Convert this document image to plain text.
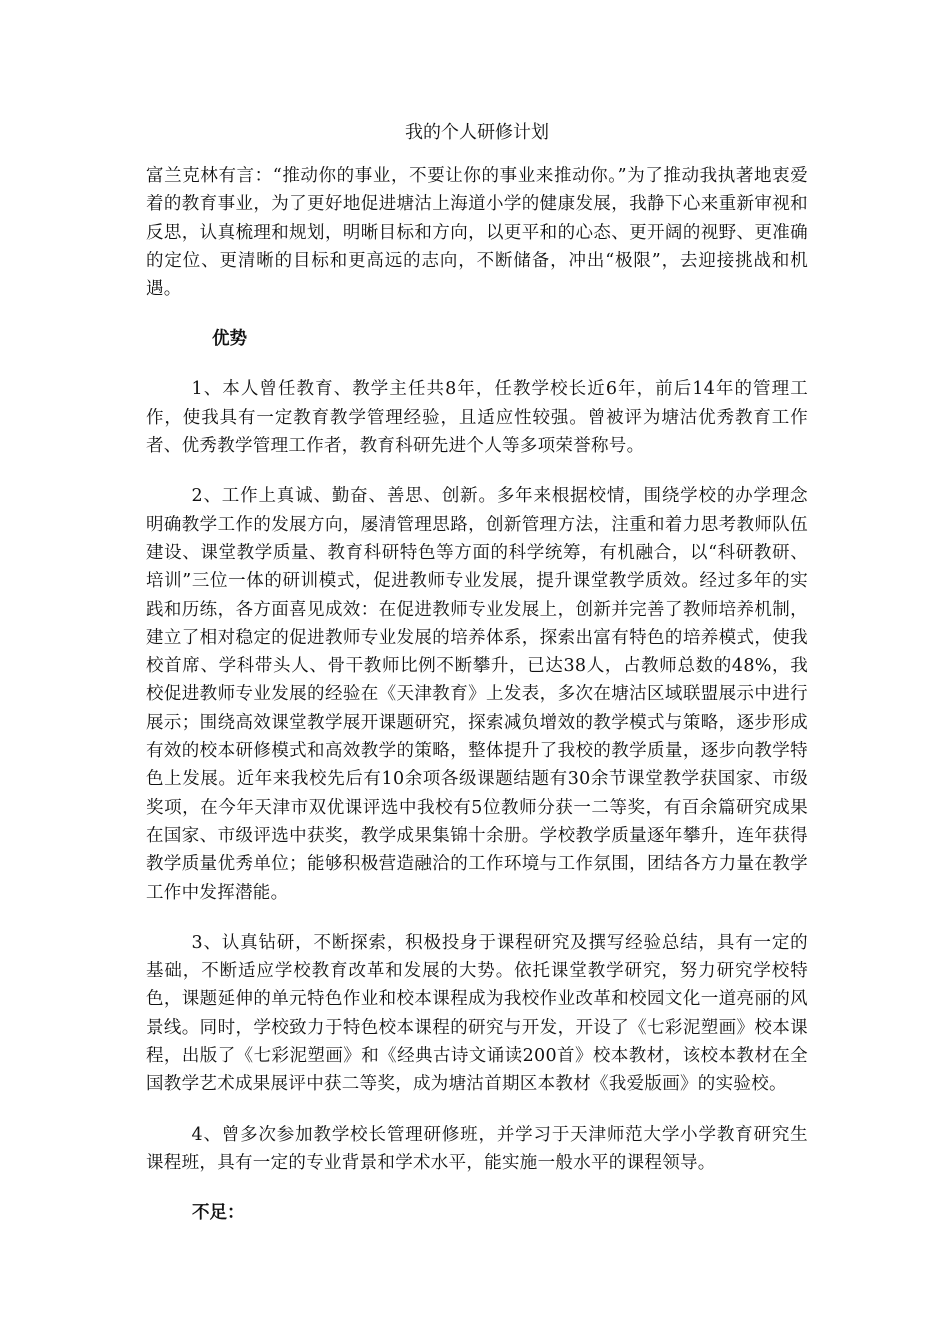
我的个人研修计划

富兰克林有言：“推动你的事业，不要让你的事业来推动你。”为了推动我执著地衷爱着的教育事业，为了更好地促进塘沽上海道小学的健康发展，我静下心来重新审视和反思，认真梳理和规划，明晰目标和方向，以更平和的心态、更开阔的视野、更准确的定位、更清晰的目标和更高远的志向，不断储备，冲出“极限”，去迎接挑战和机遇。

优势

1、本人曾任教育、教学主任共8年，任教学校长近6年，前后14年的管理工作，使我具有一定教育教学管理经验，且适应性较强。曾被评为塘沽优秀教育工作者、优秀教学管理工作者，教育科研先进个人等多项荣誉称号。

2、工作上真诚、勤奋、善思、创新。多年来根据校情，围绕学校的办学理念明确教学工作的发展方向，屡清管理思路，创新管理方法，注重和着力思考教师队伍建设、课堂教学质量、教育科研特色等方面的科学统筹，有机融合，以“科研教研、培训”三位一体的研训模式，促进教师专业发展，提升课堂教学质效。经过多年的实践和历练，各方面喜见成效：在促进教师专业发展上，创新并完善了教师培养机制，建立了相对稳定的促进教师专业发展的培养体系，探索出富有特色的培养模式，使我校首席、学科带头人、骨干教师比例不断攀升，已达38人，占教师总数的48%，我校促进教师专业发展的经验在《天津教育》上发表，多次在塘沽区域联盟展示中进行展示；围绕高效课堂教学展开课题研究，探索减负增效的教学模式与策略，逐步形成有效的校本研修模式和高效教学的策略，整体提升了我校的教学质量，逐步向教学特色上发展。近年来我校先后有10余项各级课题结题有30余节课堂教学获国家、市级奖项，在今年天津市双优课评选中我校有5位教师分获一二等奖，有百余篇研究成果在国家、市级评选中获奖，教学成果集锦十余册。学校教学质量逐年攀升，连年获得教学质量优秀单位；能够积极营造融洽的工作环境与工作氛围，团结各方力量在教学工作中发挥潜能。

3、认真钻研，不断探索，积极投身于课程研究及撰写经验总结，具有一定的基础，不断适应学校教育改革和发展的大势。依托课堂教学研究，努力研究学校特色，课题延伸的单元特色作业和校本课程成为我校作业改革和校园文化一道亮丽的风景线。同时，学校致力于特色校本课程的研究与开发，开设了《七彩泥塑画》校本课程，出版了《七彩泥塑画》和《经典古诗文诵读200首》校本教材，该校本教材在全国教学艺术成果展评中获二等奖，成为塘沽首期区本教材《我爱版画》的实验校。

4、曾多次参加教学校长管理研修班，并学习于天津师范大学小学教育研究生课程班，具有一定的专业背景和学术水平，能实施一般水平的课程领导。

不足：
